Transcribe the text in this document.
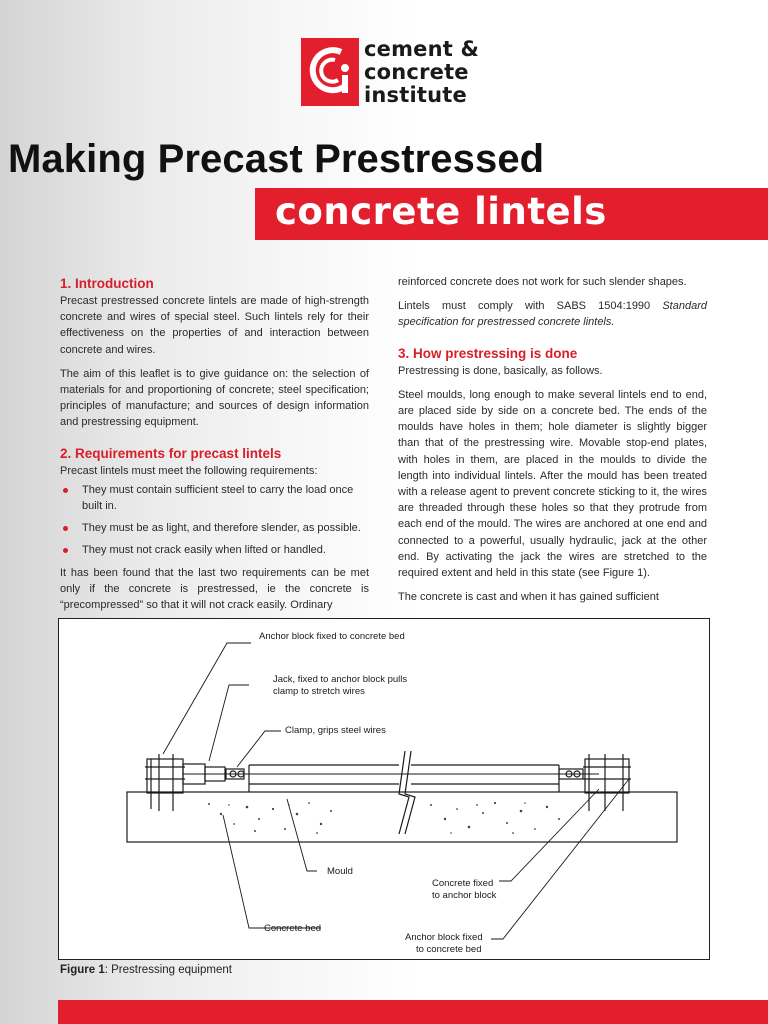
cement &
concrete
institute
Making Precast Prestressed
concrete lintels
1. Introduction

Precast prestressed concrete lintels are made of high-strength concrete and wires of special steel. Such lintels rely for their effectiveness on the properties of and interaction between concrete and wires.

The aim of this leaflet is to give guidance on: the selection of materials for and proportioning of concrete; steel specification; principles of manufacture; and sources of design information and prestressing equipment.

2. Requirements for precast lintels

Precast lintels must meet the following requirements:

They must contain sufficient steel to carry the load once built in.
They must be as light, and therefore slender, as possible.
They must not crack easily when lifted or handled.

It has been found that the last two requirements can be met only if the concrete is prestressed, ie the concrete is “precompressed” so that it will not crack easily. Ordinary

reinforced concrete does not work for such slender shapes.

Lintels must comply with SABS 1504:1990 Standard specification for prestressed concrete lintels.

3. How prestressing is done

Prestressing is done, basically, as follows.

Steel moulds, long enough to make several lintels end to end, are placed side by side on a concrete bed. The ends of the moulds have holes in them; hole diameter is slightly bigger than that of the prestressing wire. Movable stop-end plates, with holes in them, are placed in the moulds to divide the length into individual lintels. After the mould has been treated with a release agent to prevent concrete sticking to it, the wires are threaded through these holes so that they protrude from each end of the mould. The wires are anchored at one end and connected to a powerful, usually hydraulic, jack at the other end. By activating the jack the wires are stretched to the required extent and held in this state (see Figure 1).

The concrete is cast and when it has gained sufficient

Anchor block fixed to concrete bed
Jack, fixed to anchor block pulls
clamp to stretch wires
Clamp, grips steel wires
Mould
Concrete fixed
to anchor block
Concrete bed
Anchor block fixed
to concrete bed
Figure 1: Prestressing equipment
